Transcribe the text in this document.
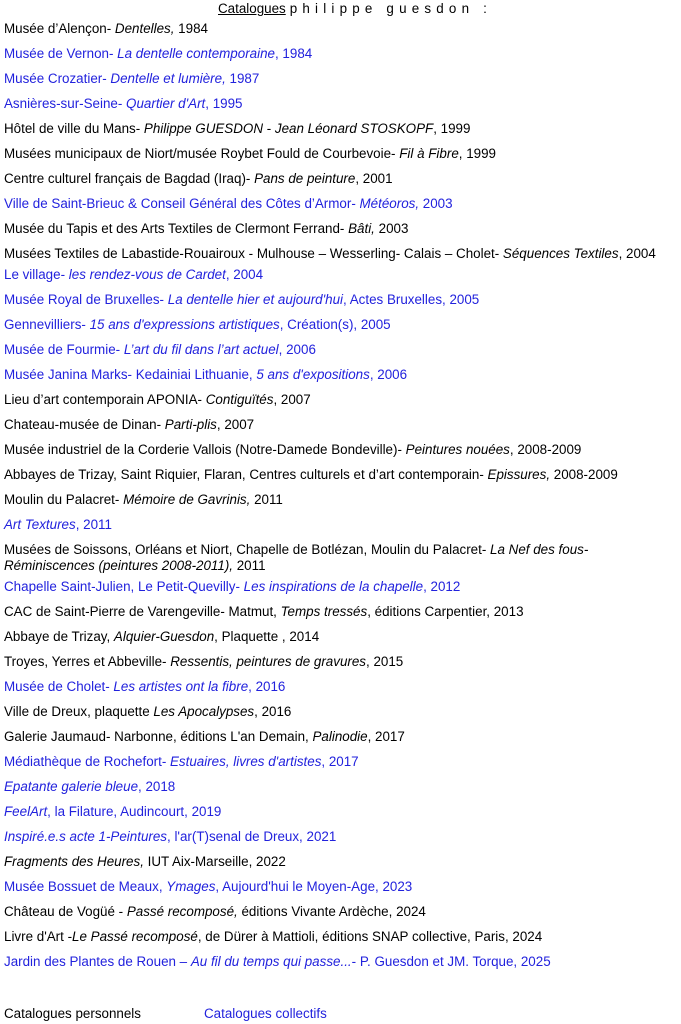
Catalogues philippe guesdon :
Musée d’Alençon- Dentelles, 1984
Musée de Vernon- La dentelle contemporaine, 1984
Musée Crozatier- Dentelle et lumière, 1987
Asnières-sur-Seine- Quartier d'Art, 1995
Hôtel de ville du Mans- Philippe GUESDON - Jean Léonard STOSKOPF, 1999
Musées municipaux de Niort/musée Roybet Fould de Courbevoie- Fil à Fibre, 1999
Centre culturel français de Bagdad (Iraq)- Pans de peinture, 2001
Ville de Saint-Brieuc & Conseil Général des Côtes d’Armor- Météoros, 2003
Musée du Tapis et des Arts Textiles de Clermont Ferrand- Bâti, 2003
Musées Textiles de Labastide-Rouairoux - Mulhouse – Wesserling- Calais – Cholet- Séquences Textiles, 2004
Le village- les rendez-vous de Cardet, 2004
Musée Royal de Bruxelles- La dentelle hier et aujourd'hui, Actes Bruxelles, 2005
Gennevilliers- 15 ans d'expressions artistiques, Création(s), 2005
Musée de Fourmie- L’art du fil dans l’art actuel, 2006
Musée Janina Marks- Kedainiai Lithuanie, 5 ans d'expositions, 2006
Lieu d’art contemporain APONIA- Contiguïtés, 2007
Chateau-musée de Dinan- Parti-plis, 2007
Musée industriel de la Corderie Vallois (Notre-Damede Bondeville)- Peintures nouées, 2008-2009
Abbayes de Trizay, Saint Riquier, Flaran, Centres culturels et d’art contemporain- Epissures, 2008-2009
Moulin du Palacret- Mémoire de Gavrinis, 2011
Art Textures, 2011
Musées de Soissons, Orléans et Niort, Chapelle de Botlézan, Moulin du Palacret- La Nef des fous- Réminiscences (peintures 2008-2011), 2011
Chapelle Saint-Julien, Le Petit-Quevilly- Les inspirations de la chapelle, 2012
CAC de Saint-Pierre de Varengeville- Matmut, Temps tressés, éditions Carpentier, 2013
Abbaye de Trizay, Alquier-Guesdon, Plaquette , 2014
Troyes, Yerres et Abbeville- Ressentis, peintures de gravures, 2015
Musée de Cholet- Les artistes ont la fibre, 2016
Ville de Dreux, plaquette Les Apocalypses, 2016
Galerie Jaumaud- Narbonne, éditions L'an Demain, Palinodie, 2017
Médiathèque de Rochefort- Estuaires, livres d'artistes, 2017
Epatante galerie bleue, 2018
FeelArt, la Filature, Audincourt, 2019
Inspiré.e.s acte 1-Peintures, l'ar(T)senal de Dreux, 2021
Fragments des Heures, IUT Aix-Marseille, 2022
Musée Bossuet de Meaux, Ymages, Aujourd'hui le Moyen-Age, 2023
Château de Vogüé - Passé recomposé, éditions Vivante Ardèche, 2024
Livre d'Art -Le Passé recomposé, de Dürer à Mattioli, éditions SNAP collective, Paris, 2024
Jardin des Plantes de Rouen – Au fil du temps qui passe...- P. Guesdon et JM. Torque, 2025
Catalogues personnels	Catalogues collectifs
